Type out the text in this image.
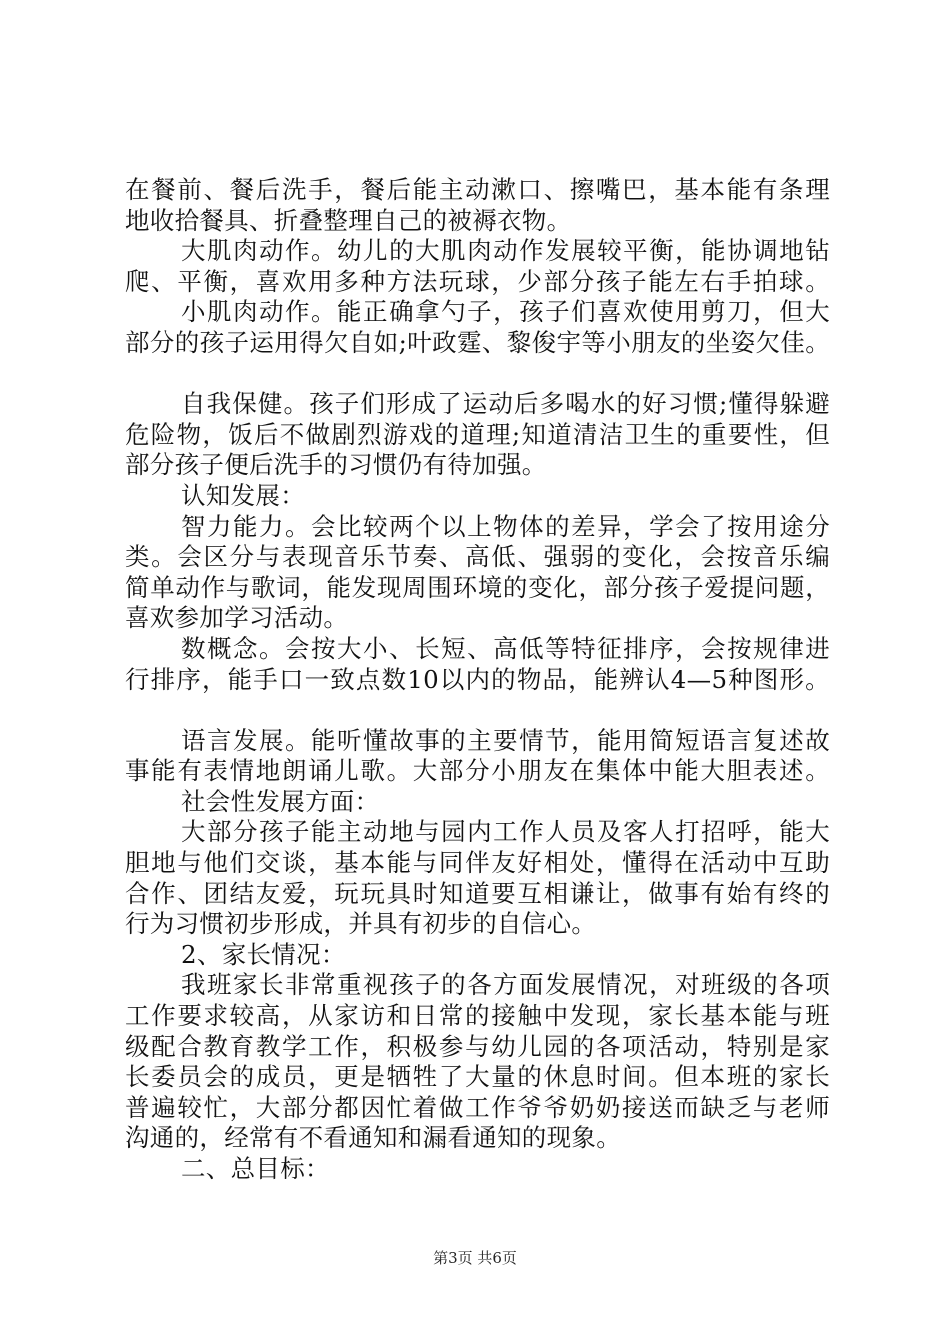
在餐前、餐后洗手，餐后能主动漱口、擦嘴巴，基本能有条理
地收拾餐具、折叠整理自己的被褥衣物。
大肌肉动作。幼儿的大肌肉动作发展较平衡，能协调地钻
爬、平衡，喜欢用多种方法玩球，少部分孩子能左右手拍球。
小肌肉动作。能正确拿勺子，孩子们喜欢使用剪刀，但大
部分的孩子运用得欠自如;叶政霆、黎俊宇等小朋友的坐姿欠佳。
自我保健。孩子们形成了运动后多喝水的好习惯;懂得躲避
危险物，饭后不做剧烈游戏的道理;知道清洁卫生的重要性，但
部分孩子便后洗手的习惯仍有待加强。
认知发展：
智力能力。会比较两个以上物体的差异，学会了按用途分
类。会区分与表现音乐节奏、高低、强弱的变化，会按音乐编
简单动作与歌词，能发现周围环境的变化，部分孩子爱提问题，
喜欢参加学习活动。
数概念。会按大小、长短、高低等特征排序，会按规律进
行排序，能手口一致点数10以内的物品，能辨认4—5种图形。
语言发展。能听懂故事的主要情节，能用简短语言复述故
事能有表情地朗诵儿歌。大部分小朋友在集体中能大胆表述。
社会性发展方面：
大部分孩子能主动地与园内工作人员及客人打招呼，能大
胆地与他们交谈，基本能与同伴友好相处，懂得在活动中互助
合作、团结友爱，玩玩具时知道要互相谦让，做事有始有终的
行为习惯初步形成，并具有初步的自信心。
2、家长情况：
我班家长非常重视孩子的各方面发展情况，对班级的各项
工作要求较高，从家访和日常的接触中发现，家长基本能与班
级配合教育教学工作，积极参与幼儿园的各项活动，特别是家
长委员会的成员，更是牺牲了大量的休息时间。但本班的家长
普遍较忙，大部分都因忙着做工作爷爷奶奶接送而缺乏与老师
沟通的，经常有不看通知和漏看通知的现象。
二、总目标：
第3页 共6页
